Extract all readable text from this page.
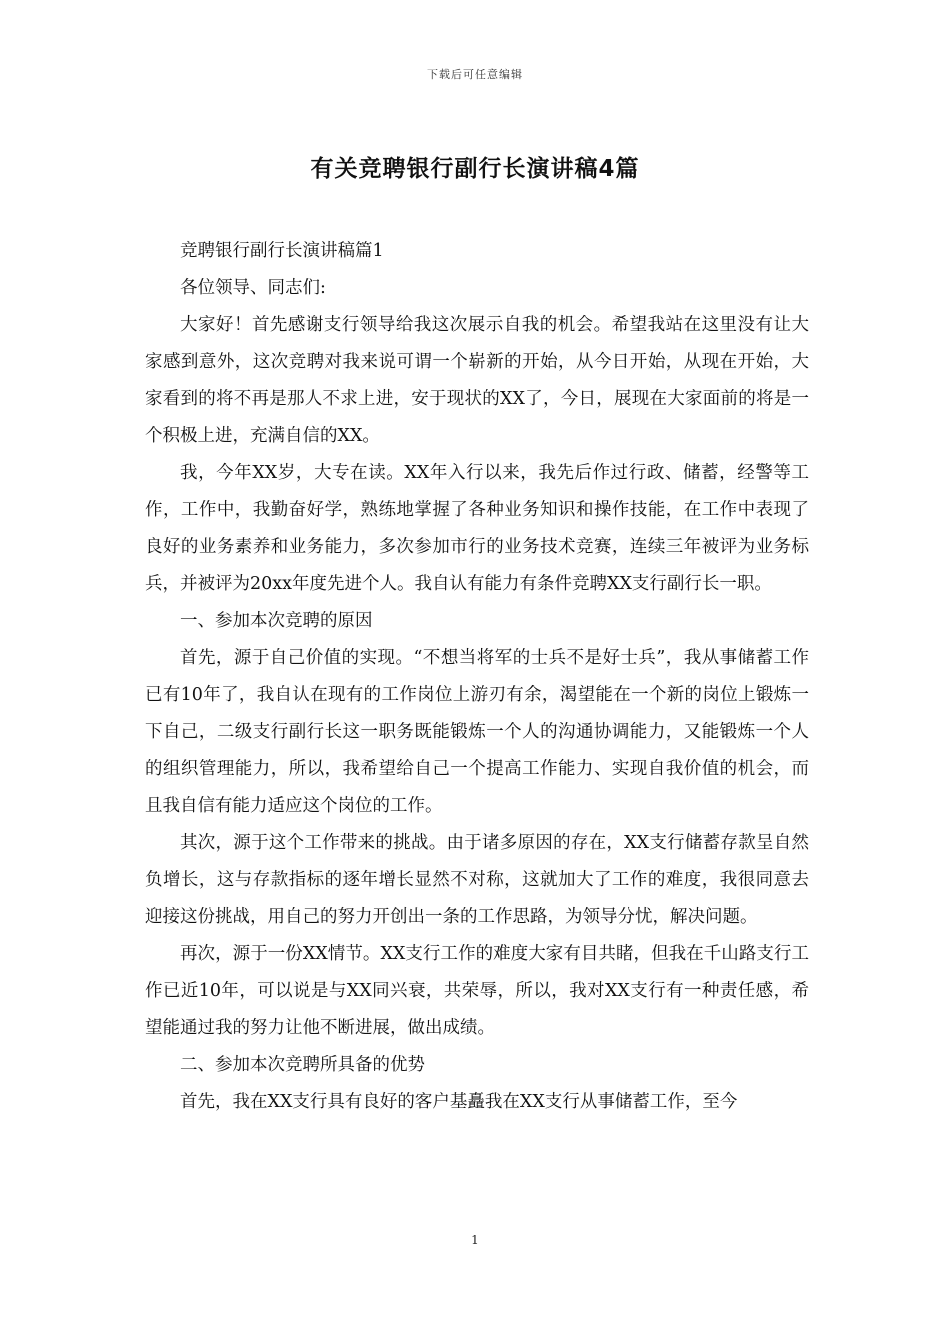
下载后可任意编辑
有关竞聘银行副行长演讲稿4篇

竞聘银行副行长演讲稿篇1

各位领导、同志们:

大家好！首先感谢支行领导给我这次展示自我的机会。希望我站在这里没有让大家感到意外，这次竞聘对我来说可谓一个崭新的开始，从今日开始，从现在开始，大家看到的将不再是那人不求上进，安于现状的XX了，今日，展现在大家面前的将是一个积极上进，充满自信的XX。

我，今年XX岁，大专在读。XX年入行以来，我先后作过行政、储蓄，经警等工作，工作中，我勤奋好学，熟练地掌握了各种业务知识和操作技能，在工作中表现了良好的业务素养和业务能力，多次参加市行的业务技术竞赛，连续三年被评为业务标兵，并被评为20xx年度先进个人。我自认有能力有条件竞聘XX支行副行长一职。

一、参加本次竞聘的原因

首先，源于自己价值的实现。“不想当将军的士兵不是好士兵”，我从事储蓄工作已有10年了，我自认在现有的工作岗位上游刃有余，渴望能在一个新的岗位上锻炼一下自己，二级支行副行长这一职务既能锻炼一个人的沟通协调能力，又能锻炼一个人的组织管理能力，所以，我希望给自己一个提高工作能力、实现自我价值的机会，而且我自信有能力适应这个岗位的工作。

其次，源于这个工作带来的挑战。由于诸多原因的存在，XX支行储蓄存款呈自然负增长，这与存款指标的逐年增长显然不对称，这就加大了工作的难度，我很同意去迎接这份挑战，用自己的努力开创出一条的工作思路，为领导分忧，解决问题。

再次，源于一份XX情节。XX支行工作的难度大家有目共睹，但我在千山路支行工作已近10年，可以说是与XX同兴衰，共荣辱，所以，我对XX支行有一种责任感，希望能通过我的努力让他不断进展，做出成绩。

二、参加本次竞聘所具备的优势

首先，我在XX支行具有良好的客户基矗我在XX支行从事储蓄工作，至今

1
